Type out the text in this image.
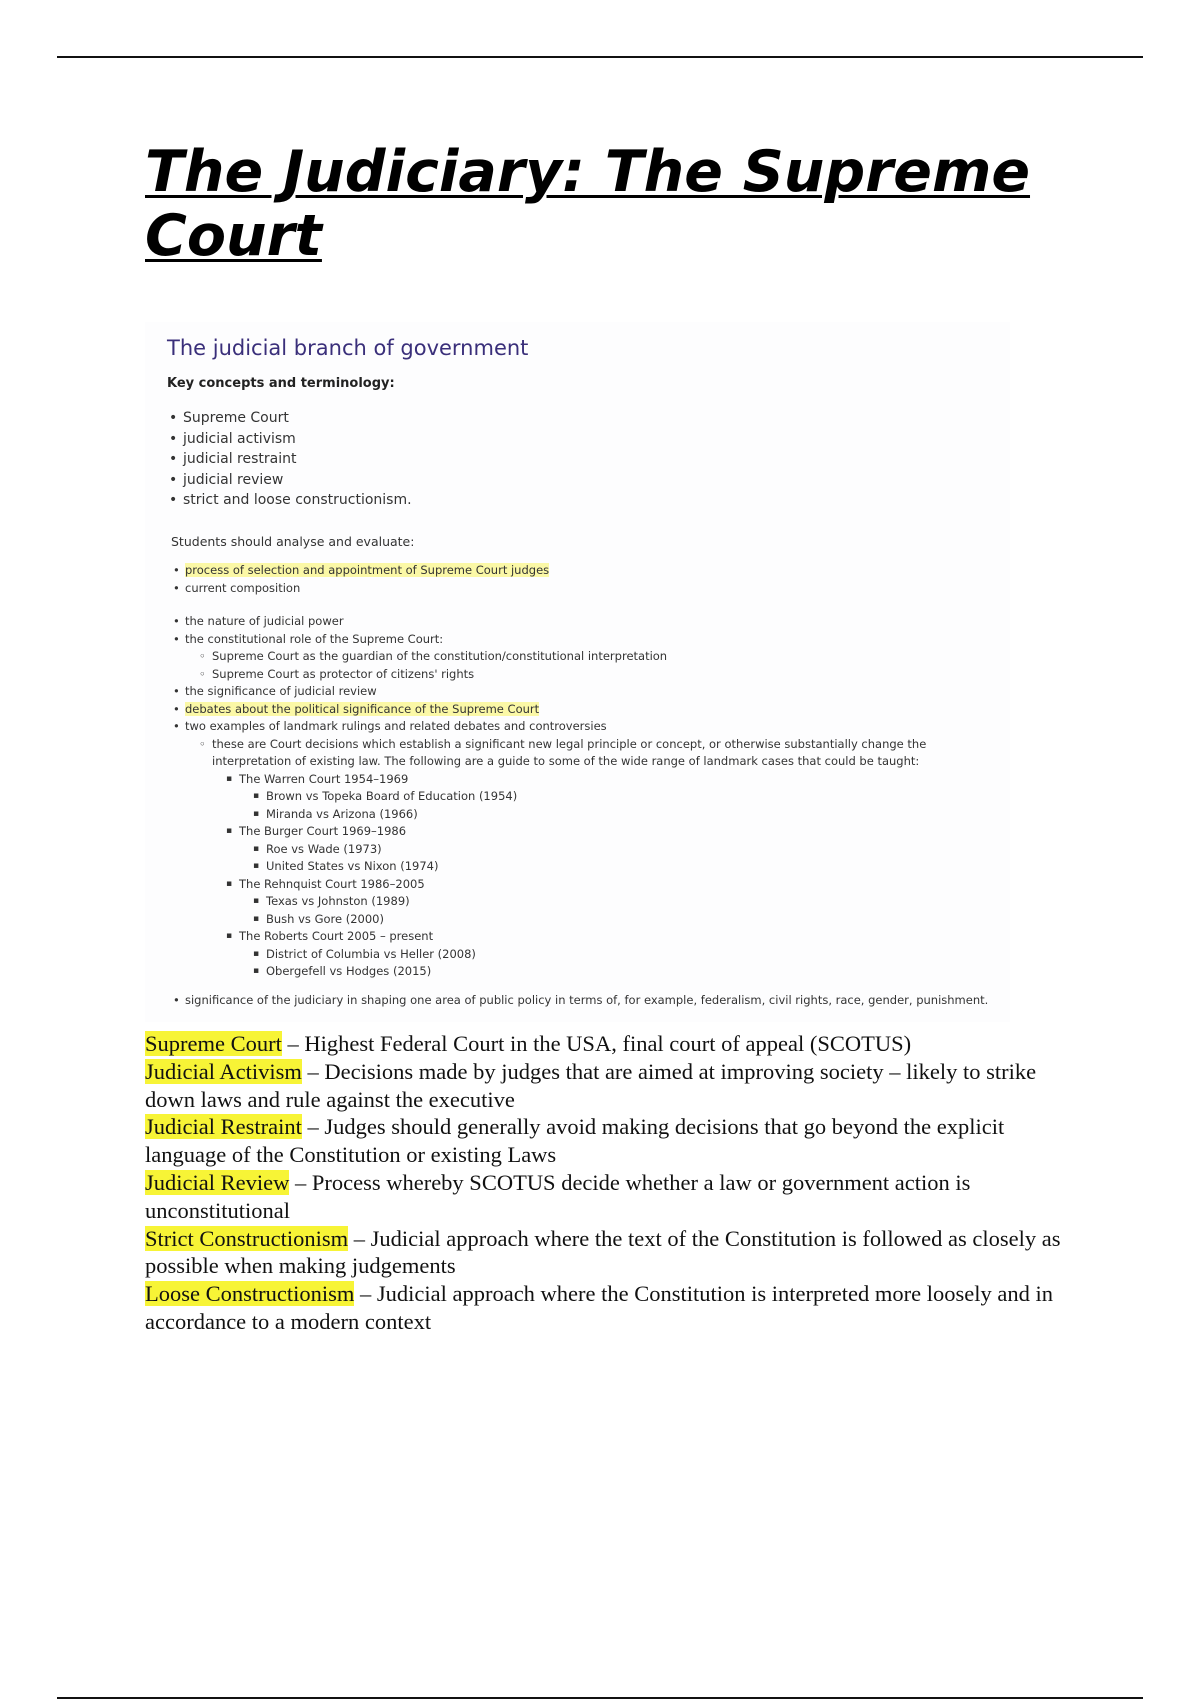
The Judiciary: The Supreme Court
The judicial branch of government

Key concepts and terminology:

• Supreme Court
• judicial activism
• judicial restraint
• judicial review
• strict and loose constructionism.

Students should analyse and evaluate:

• process of selection and appointment of Supreme Court judges
• current composition
• the nature of judicial power
• the constitutional role of the Supreme Court:
◦ Supreme Court as the guardian of the constitution/constitutional interpretation
◦ Supreme Court as protector of citizens' rights
• the significance of judicial review
• debates about the political significance of the Supreme Court
• two examples of landmark rulings and related debates and controversies
◦ these are Court decisions which establish a significant new legal principle or concept, or otherwise substantially change the interpretation of existing law. The following are a guide to some of the wide range of landmark cases that could be taught:
▪ The Warren Court 1954–1969
▪ Brown vs Topeka Board of Education (1954)
▪ Miranda vs Arizona (1966)
▪ The Burger Court 1969–1986
▪ Roe vs Wade (1973)
▪ United States vs Nixon (1974)
▪ The Rehnquist Court 1986–2005
▪ Texas vs Johnston (1989)
▪ Bush vs Gore (2000)
▪ The Roberts Court 2005 – present
▪ District of Columbia vs Heller (2008)
▪ Obergefell vs Hodges (2015)
• significance of the judiciary in shaping one area of public policy in terms of, for example, federalism, civil rights, race, gender, punishment.

Supreme Court – Highest Federal Court in the USA, final court of appeal (SCOTUS)

Judicial Activism – Decisions made by judges that are aimed at improving society – likely to strike down laws and rule against the executive

Judicial Restraint – Judges should generally avoid making decisions that go beyond the explicit language of the Constitution or existing Laws

Judicial Review – Process whereby SCOTUS decide whether a law or government action is unconstitutional

Strict Constructionism – Judicial approach where the text of the Constitution is followed as closely as possible when making judgements

Loose Constructionism – Judicial approach where the Constitution is interpreted more loosely and in accordance to a modern context
